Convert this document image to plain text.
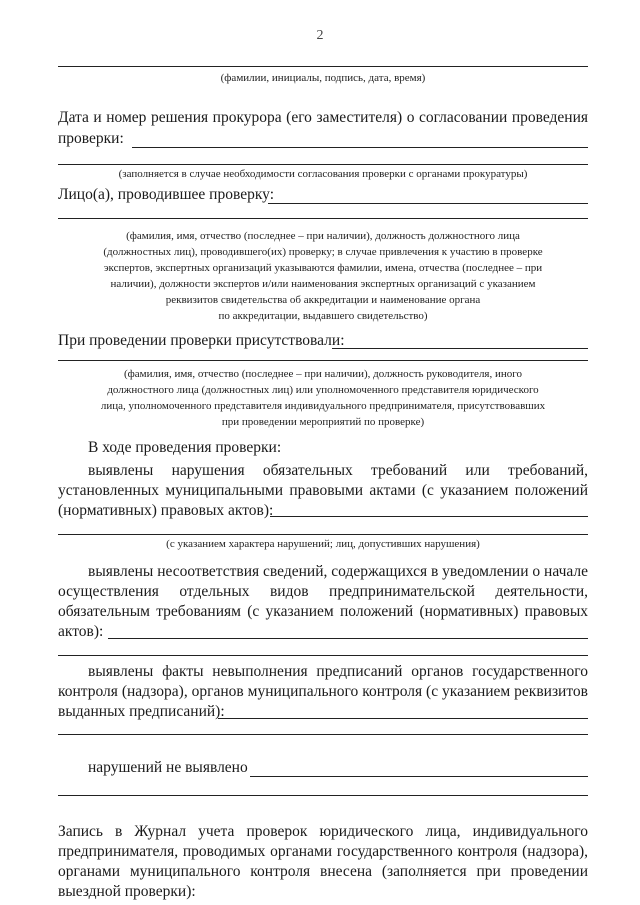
2
(фамилии, инициалы, подпись, дата, время)
Дата и номер решения прокурора (его заместителя) о согласовании проведения
проверки:
(заполняется в случае необходимости согласования проверки с органами прокуратуры)
Лицо(а), проводившее проверку:
(фамилия, имя, отчество (последнее – при наличии), должность должностного лица
(должностных лиц), проводившего(их) проверку; в случае привлечения к участию в проверке
экспертов, экспертных организаций указываются фамилии, имена, отчества (последнее – при
наличии), должности экспертов и/или наименования экспертных организаций с указанием
реквизитов свидетельства об аккредитации и наименование органа
по аккредитации, выдавшего свидетельство)
При проведении проверки присутствовали:
(фамилия, имя, отчество (последнее – при наличии), должность руководителя, иного
должностного лица (должностных лиц) или уполномоченного представителя юридического
лица, уполномоченного представителя индивидуального предпринимателя, присутствовавших
при проведении мероприятий по проверке)
В ходе проведения проверки:
выявлены нарушения обязательных требований или требований,
установленных муниципальными правовыми актами (с указанием положений
(нормативных) правовых актов):
(с указанием характера нарушений; лиц, допустивших нарушения)
выявлены несоответствия сведений, содержащихся в уведомлении о начале
осуществления отдельных видов предпринимательской деятельности,
обязательным требованиям (с указанием положений (нормативных) правовых
актов):
выявлены факты невыполнения предписаний органов государственного
контроля (надзора), органов муниципального контроля (с указанием реквизитов
выданных предписаний):
нарушений не выявлено
Запись в Журнал учета проверок юридического лица, индивидуального
предпринимателя, проводимых органами государственного контроля (надзора),
органами муниципального контроля внесена (заполняется при проведении
выездной проверки):
